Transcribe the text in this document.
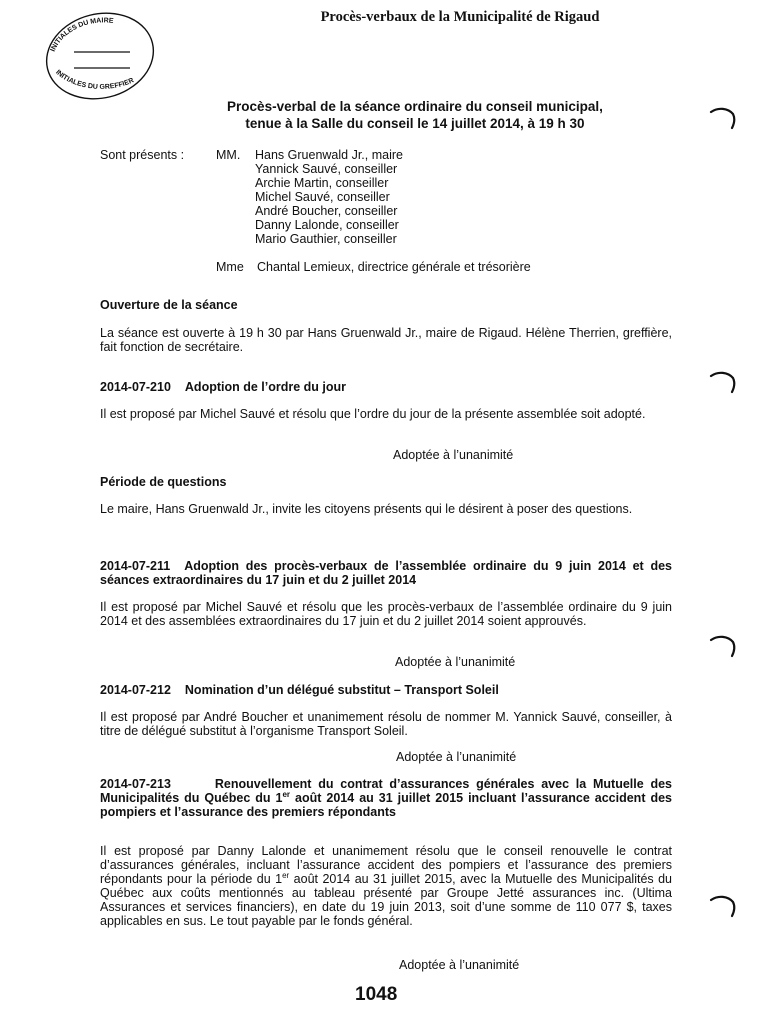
INITIALES DU MAIRE
INITIALES DU GREFFIER
Procès-verbaux de la Municipalité de Rigaud
Procès-verbal de la séance ordinaire du conseil municipal,
tenue à la Salle du conseil le 14 juillet 2014, à 19 h 30
Sont présents :	MM. Hans Gruenwald Jr., maire
Yannick Sauvé, conseiller
Archie Martin, conseiller
Michel Sauvé, conseiller
André Boucher, conseiller
Danny Lalonde, conseiller
Mario Gauthier, conseiller
Mme Chantal Lemieux, directrice générale et trésorière
Ouverture de la séance
La séance est ouverte à 19 h 30 par Hans Gruenwald Jr., maire de Rigaud. Hélène Therrien, greffière, fait fonction de secrétaire.
2014-07-210 Adoption de l’ordre du jour
Il est proposé par Michel Sauvé et résolu que l’ordre du jour de la présente assemblée soit adopté.
Adoptée à l’unanimité
Période de questions
Le maire, Hans Gruenwald Jr., invite les citoyens présents qui le désirent à poser des questions.
2014-07-211 Adoption des procès-verbaux de l’assemblée ordinaire du 9 juin 2014 et des séances extraordinaires du 17 juin et du 2 juillet 2014
Il est proposé par Michel Sauvé et résolu que les procès-verbaux de l’assemblée ordinaire du 9 juin 2014 et des assemblées extraordinaires du 17 juin et du 2 juillet 2014 soient approuvés.
Adoptée à l’unanimité
2014-07-212 Nomination d’un délégué substitut – Transport Soleil
Il est proposé par André Boucher et unanimement résolu de nommer M. Yannick Sauvé, conseiller, à titre de délégué substitut à l’organisme Transport Soleil.
Adoptée à l’unanimité
2014-07-213	Renouvellement du contrat d’assurances générales avec la Mutuelle des Municipalités du Québec du 1er août 2014 au 31 juillet 2015 incluant l’assurance accident des pompiers et l’assurance des premiers répondants
Il est proposé par Danny Lalonde et unanimement résolu que le conseil renouvelle le contrat d’assurances générales, incluant l’assurance accident des pompiers et l’assurance des premiers répondants pour la période du 1er août 2014 au 31 juillet 2015, avec la Mutuelle des Municipalités du Québec aux coûts mentionnés au tableau présenté par Groupe Jetté assurances inc. (Ultima Assurances et services financiers), en date du 19 juin 2013, soit d’une somme de 110 077 $, taxes applicables en sus. Le tout payable par le fonds général.
Adoptée à l’unanimité
1048
